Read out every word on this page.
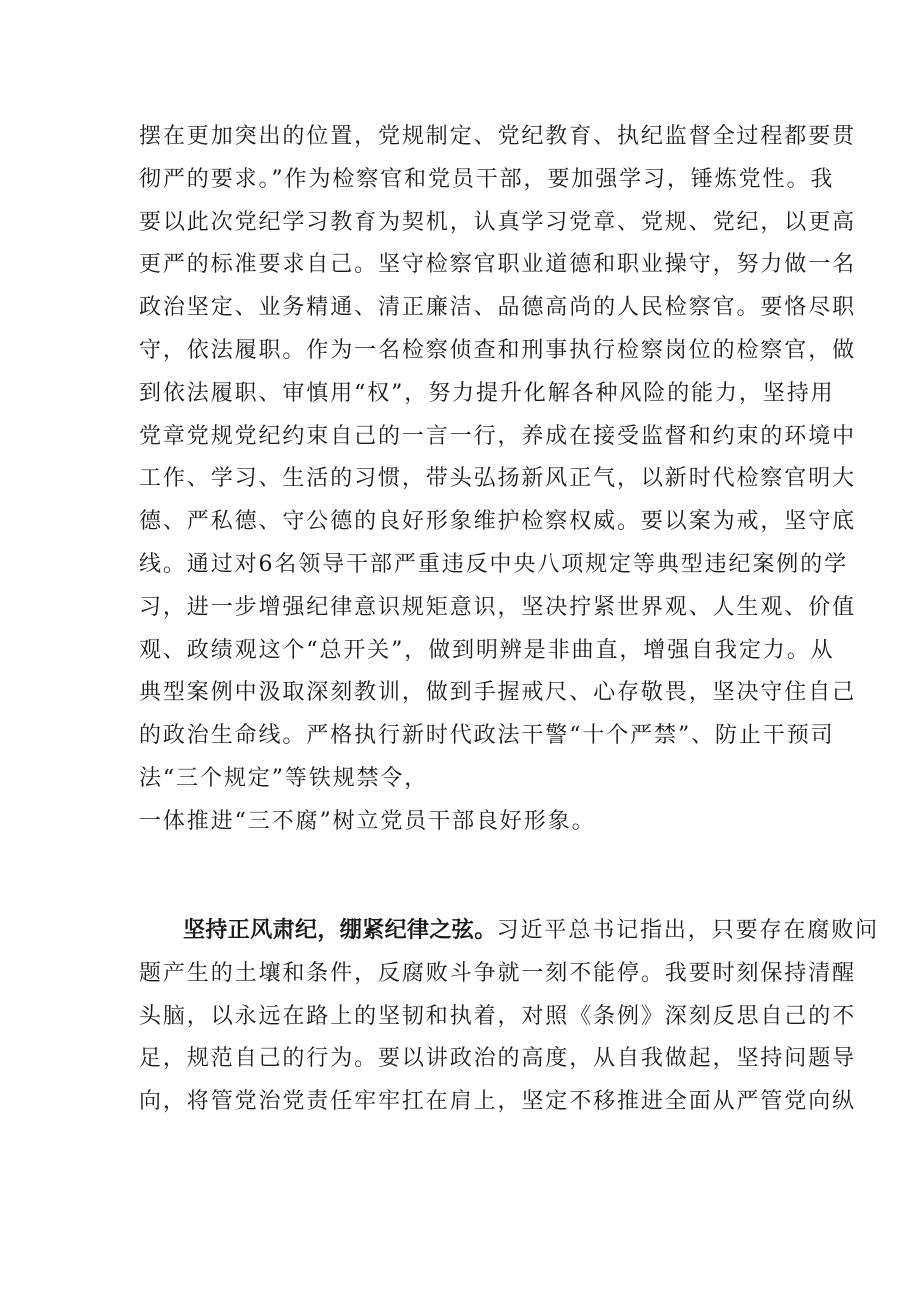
摆在更加突出的位置，党规制定、党纪教育、执纪监督全过程都要贯
彻严的要求。”作为检察官和党员干部，要加强学习，锤炼党性。我
要以此次党纪学习教育为契机，认真学习党章、党规、党纪，以更高
更严的标准要求自己。坚守检察官职业道德和职业操守，努力做一名
政治坚定、业务精通、清正廉洁、品德高尚的人民检察官。要恪尽职
守，依法履职。作为一名检察侦查和刑事执行检察岗位的检察官，做
到依法履职、审慎用“权”，努力提升化解各种风险的能力，坚持用
党章党规党纪约束自己的一言一行，养成在接受监督和约束的环境中
工作、学习、生活的习惯，带头弘扬新风正气，以新时代检察官明大
德、严私德、守公德的良好形象维护检察权威。要以案为戒，坚守底
线。通过对6名领导干部严重违反中央八项规定等典型违纪案例的学
习，进一步增强纪律意识规矩意识，坚决拧紧世界观、人生观、价值
观、政绩观这个“总开关”，做到明辨是非曲直，增强自我定力。从
典型案例中汲取深刻教训，做到手握戒尺、心存敬畏，坚决守住自己
的政治生命线。严格执行新时代政法干警“十个严禁”、防止干预司
法“三个规定”等铁规禁令，
一体推进“三不腐”树立党员干部良好形象。
坚持正风肃纪，绷紧纪律之弦。习近平总书记指出，只要存在腐败问
题产生的土壤和条件，反腐败斗争就一刻不能停。我要时刻保持清醒
头脑，以永远在路上的坚韧和执着，对照《条例》深刻反思自己的不
足，规范自己的行为。要以讲政治的高度，从自我做起，坚持问题导
向，将管党治党责任牢牢扛在肩上，坚定不移推进全面从严管党向纵
